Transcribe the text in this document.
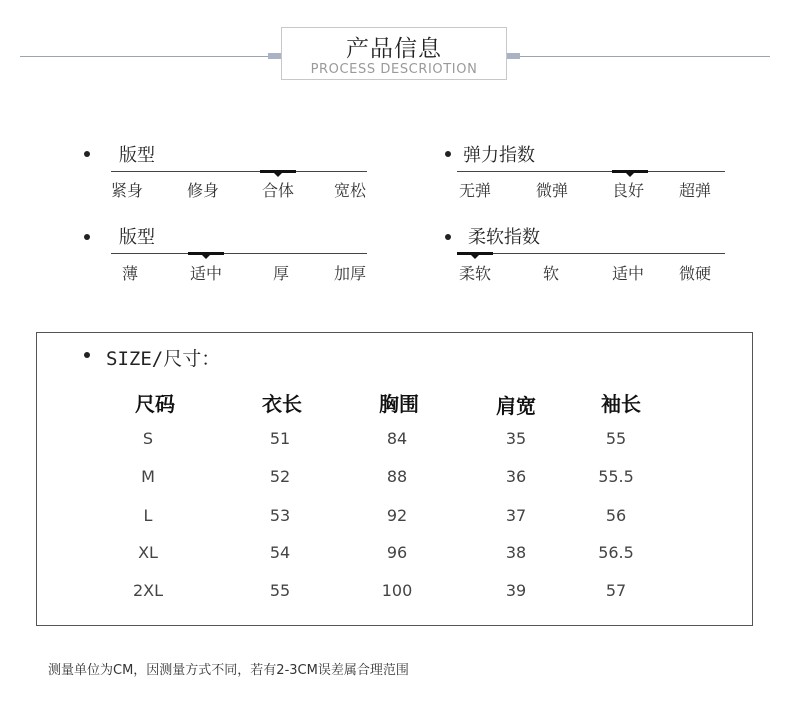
产品信息
PROCESS DESCRIOTION
版型
紧身	修身	合体 宽松
弹力指数
无弹	微弹	良好 超弹
版型
薄	适中	厚	加厚
柔软指数
柔软	软	适中 微硬
SIZE/尺寸：
尺码	衣长	胸围	肩宽	袖长
S	51	84	35	55
M	52	88	36	55.5
L	53	92	37	56
XL	54	96	38	56.5
2XL	55	100	39	57
测量单位为CM，因测量方式不同，若有2-3CM误差属合理范围
